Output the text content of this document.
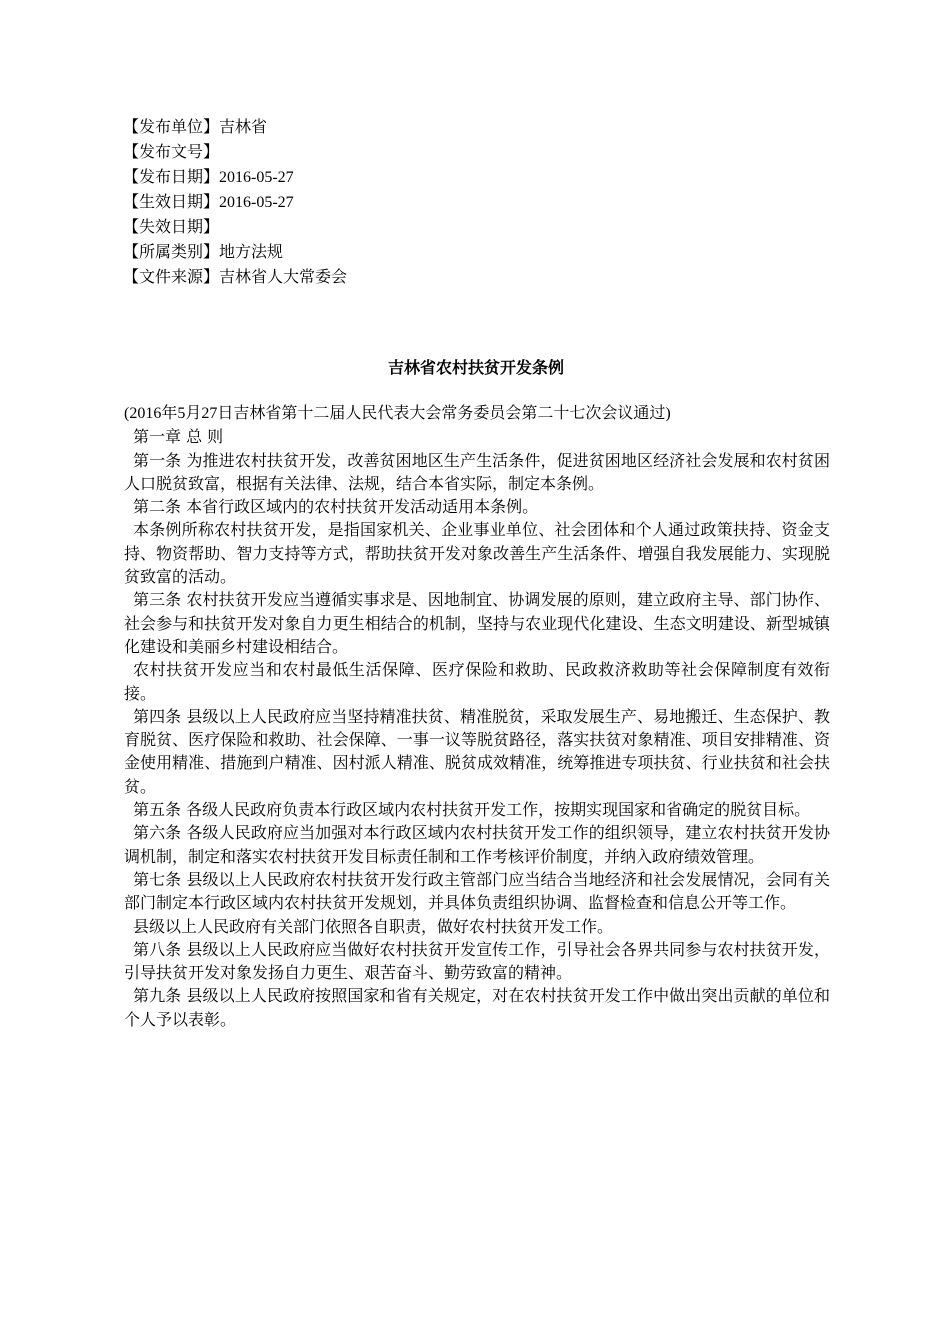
【发布单位】吉林省
【发布文号】
【发布日期】2016-05-27
【生效日期】2016-05-27
【失效日期】
【所属类别】地方法规
【文件来源】吉林省人大常委会
吉林省农村扶贫开发条例

(2016年5月27日吉林省第十二届人民代表大会常务委员会第二十七次会议通过)

第一章 总 则

第一条 为推进农村扶贫开发，改善贫困地区生产生活条件，促进贫困地区经济社会发展和农村贫困人口脱贫致富，根据有关法律、法规，结合本省实际，制定本条例。

第二条 本省行政区域内的农村扶贫开发活动适用本条例。

本条例所称农村扶贫开发，是指国家机关、企业事业单位、社会团体和个人通过政策扶持、资金支持、物资帮助、智力支持等方式，帮助扶贫开发对象改善生产生活条件、增强自我发展能力、实现脱贫致富的活动。

第三条 农村扶贫开发应当遵循实事求是、因地制宜、协调发展的原则，建立政府主导、部门协作、社会参与和扶贫开发对象自力更生相结合的机制，坚持与农业现代化建设、生态文明建设、新型城镇化建设和美丽乡村建设相结合。

农村扶贫开发应当和农村最低生活保障、医疗保险和救助、民政救济救助等社会保障制度有效衔接。

第四条 县级以上人民政府应当坚持精准扶贫、精准脱贫，采取发展生产、易地搬迁、生态保护、教育脱贫、医疗保险和救助、社会保障、一事一议等脱贫路径，落实扶贫对象精准、项目安排精准、资金使用精准、措施到户精准、因村派人精准、脱贫成效精准，统筹推进专项扶贫、行业扶贫和社会扶贫。

第五条 各级人民政府负责本行政区域内农村扶贫开发工作，按期实现国家和省确定的脱贫目标。

第六条 各级人民政府应当加强对本行政区域内农村扶贫开发工作的组织领导，建立农村扶贫开发协调机制，制定和落实农村扶贫开发目标责任制和工作考核评价制度，并纳入政府绩效管理。

第七条 县级以上人民政府农村扶贫开发行政主管部门应当结合当地经济和社会发展情况，会同有关部门制定本行政区域内农村扶贫开发规划，并具体负责组织协调、监督检查和信息公开等工作。

县级以上人民政府有关部门依照各自职责，做好农村扶贫开发工作。

第八条 县级以上人民政府应当做好农村扶贫开发宣传工作，引导社会各界共同参与农村扶贫开发，引导扶贫开发对象发扬自力更生、艰苦奋斗、勤劳致富的精神。

第九条 县级以上人民政府按照国家和省有关规定，对在农村扶贫开发工作中做出突出贡献的单位和个人予以表彰。
